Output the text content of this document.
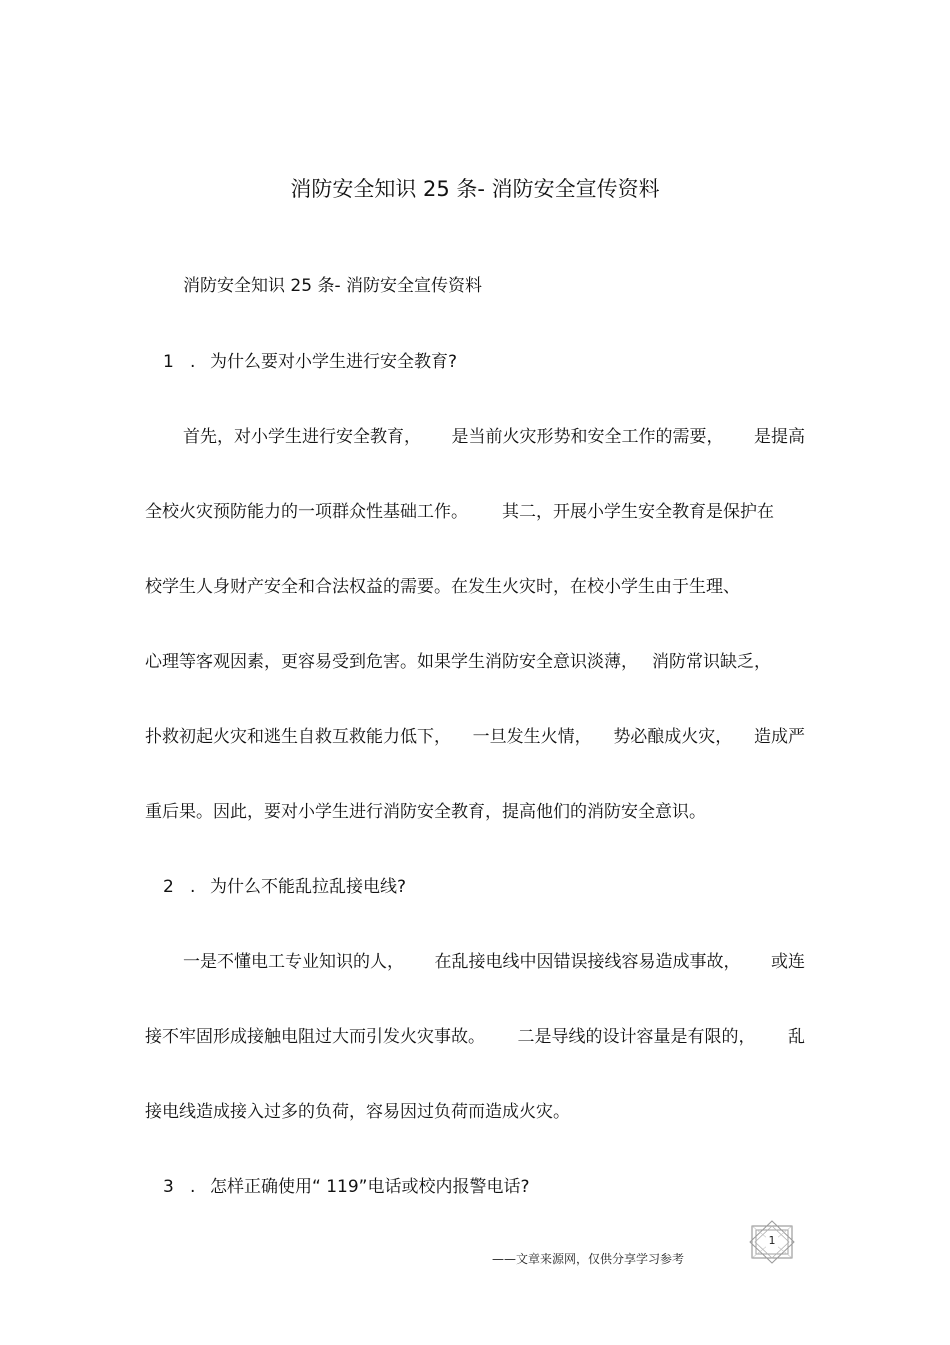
消防安全知识 25 条- 消防安全宣传资料
消防安全知识 25 条- 消防安全宣传资料
1 . 为什么要对小学生进行安全教育?
首先，对小学生进行安全教育， 是当前火灾形势和安全工作的需要， 是提高
全校火灾预防能力的一项群众性基础工作。 其二，开展小学生安全教育是保护在
校学生人身财产安全和合法权益的需要。在发生火灾时，在校小学生由于生理、
心理等客观因素，更容易受到危害。如果学生消防安全意识淡薄， 消防常识缺乏，
扑救初起火灾和逃生自救互救能力低下， 一旦发生火情， 势必酿成火灾， 造成严
重后果。因此，要对小学生进行消防安全教育，提高他们的消防安全意识。
2 . 为什么不能乱拉乱接电线?
一是不懂电工专业知识的人， 在乱接电线中因错误接线容易造成事故， 或连
接不牢固形成接触电阻过大而引发火灾事故。 二是导线的设计容量是有限的， 乱
接电线造成接入过多的负荷，容易因过负荷而造成火灾。
3 . 怎样正确使用“ 119”电话或校内报警电话?
——文章来源网，仅供分享学习参考
1
